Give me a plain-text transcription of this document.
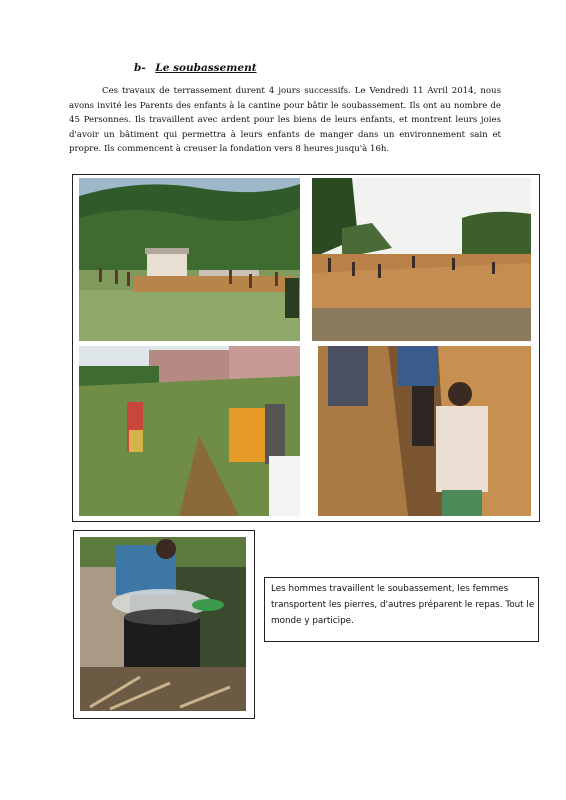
b- Le soubassement
Ces travaux de terrassement durent 4 jours successifs. Le Vendredi 11 Avril 2014, nous avons invité les Parents des enfants à la cantine pour bâtir le soubassement. Ils ont au nombre de 45 Personnes. Ils travaillent avec ardent pour les biens de leurs enfants, et montrent leurs joies d'avoir un bâtiment qui permettra à leurs enfants de manger dans un environnement sain et propre. Ils commencent à creuser la fondation vers 8 heures jusqu'à 16h.
Les hommes travaillent le soubassement, les femmes transportent les pierres, d'autres préparent le repas. Tout le monde y participe.
